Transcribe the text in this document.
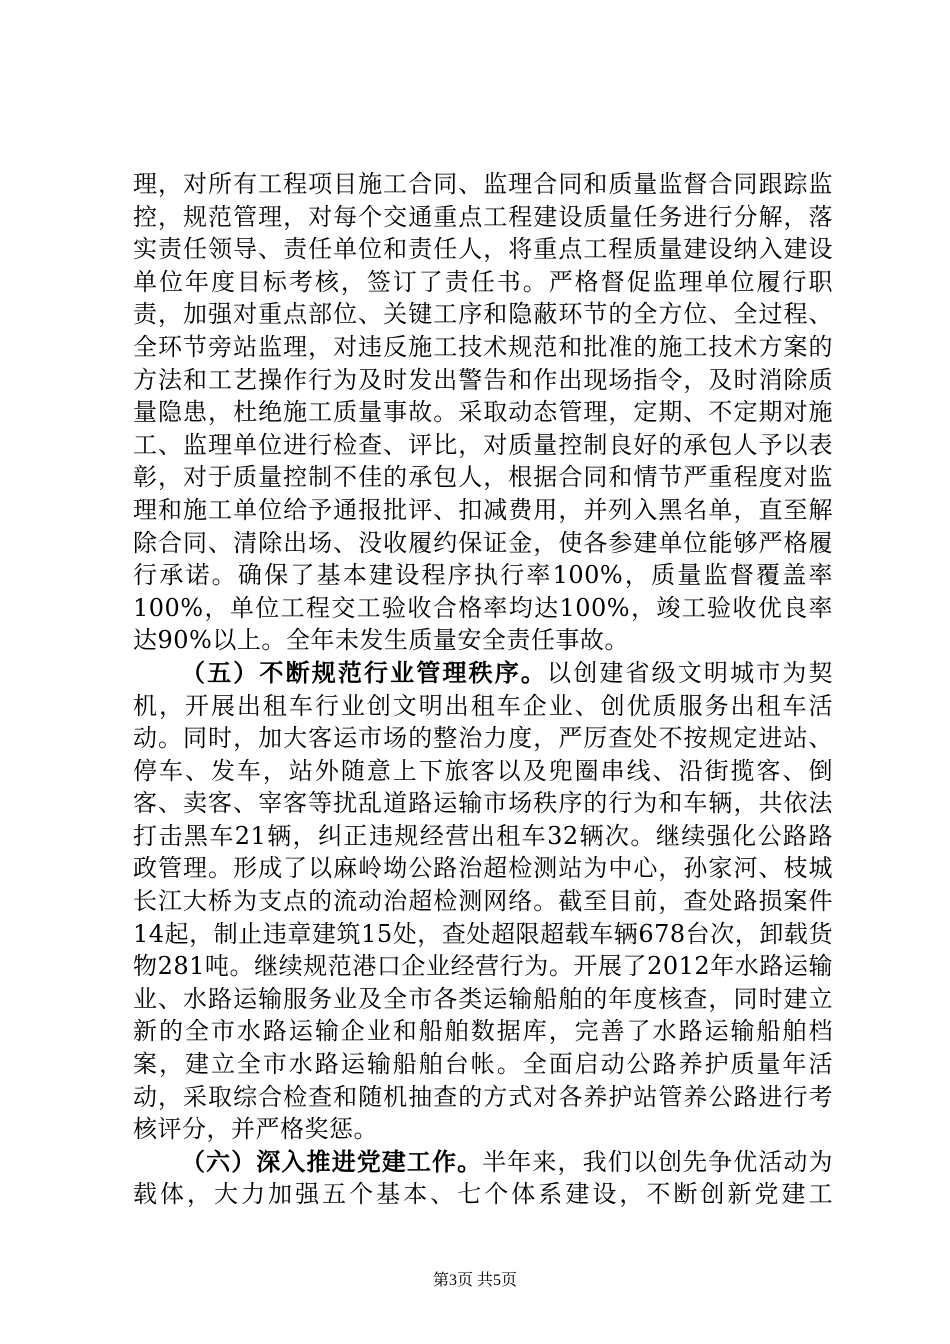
理，对所有工程项目施工合同、监理合同和质量监督合同跟踪监控，规范管理，对每个交通重点工程建设质量任务进行分解，落实责任领导、责任单位和责任人，将重点工程质量建设纳入建设单位年度目标考核，签订了责任书。严格督促监理单位履行职责，加强对重点部位、关键工序和隐蔽环节的全方位、全过程、全环节旁站监理，对违反施工技术规范和批准的施工技术方案的方法和工艺操作行为及时发出警告和作出现场指令，及时消除质量隐患，杜绝施工质量事故。采取动态管理，定期、不定期对施工、监理单位进行检查、评比，对质量控制良好的承包人予以表彰，对于质量控制不佳的承包人，根据合同和情节严重程度对监理和施工单位给予通报批评、扣减费用，并列入黑名单，直至解除合同、清除出场、没收履约保证金，使各参建单位能够严格履行承诺。确保了基本建设程序执行率100%，质量监督覆盖率100%，单位工程交工验收合格率均达100%，竣工验收优良率达90%以上。全年未发生质量安全责任事故。

（五）不断规范行业管理秩序。以创建省级文明城市为契机，开展出租车行业创文明出租车企业、创优质服务出租车活动。同时，加大客运市场的整治力度，严厉查处不按规定进站、停车、发车，站外随意上下旅客以及兜圈串线、沿街揽客、倒客、卖客、宰客等扰乱道路运输市场秩序的行为和车辆，共依法打击黑车21辆，纠正违规经营出租车32辆次。继续强化公路路政管理。形成了以麻岭坳公路治超检测站为中心，孙家河、枝城长江大桥为支点的流动治超检测网络。截至目前，查处路损案件14起，制止违章建筑15处，查处超限超载车辆678台次，卸载货物281吨。继续规范港口企业经营行为。开展了2012年水路运输业、水路运输服务业及全市各类运输船舶的年度核查，同时建立新的全市水路运输企业和船舶数据库，完善了水路运输船舶档案，建立全市水路运输船舶台帐。全面启动公路养护质量年活动，采取综合检查和随机抽查的方式对各养护站管养公路进行考核评分，并严格奖惩。

（六）深入推进党建工作。半年来，我们以创先争优活动为载体，大力加强五个基本、七个体系建设，不断创新党建工

第3页 共5页
